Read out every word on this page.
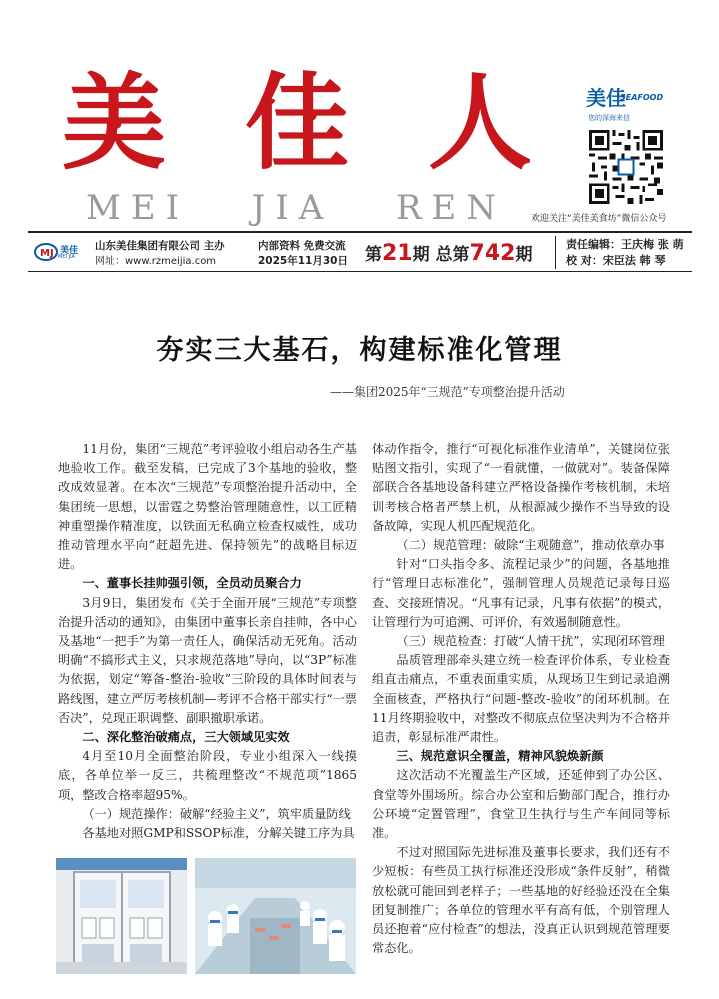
美 佳 人
MEI JIA REN
美佳
SEAFOOD
您的深海来信
欢迎关注“美佳美食坊”微信公众号
MJ 美佳
MEI JIA
山东美佳集团有限公司 主办
网址：www.rzmeijia.com
内部资料 免费交流
2025年11月30日 第21期 总第742期
责任编辑：王庆梅 张 萌
校 对：宋臣法 韩 琴
夯实三大基石，构建标准化管理
——集团2025年“三规范”专项整治提升活动

11月份，集团“三规范”考评验收小组启动各生产基地验收工作。截至发稿，已完成了3个基地的验收，整改成效显著。在本次“三规范”专项整治提升活动中，全集团统一思想，以雷霆之势整治管理随意性，以工匠精神重塑操作精准度，以铁面无私确立检查权威性，成功推动管理水平向“赶超先进、保持领先”的战略目标迈进。

一、董事长挂帅强引领，全员动员聚合力

3月9日，集团发布《关于全面开展“三规范”专项整治提升活动的通知》，由集团中董事长亲自挂帅，各中心及基地“一把手”为第一责任人，确保活动无死角。活动明确“不搞形式主义，只求规范落地”导向，以“3P”标准为依据，划定“筹备-整治-验收”三阶段的具体时间表与路线图，建立严厉考核机制—考评不合格干部实行“一票否决”，兑现正职调整、副职撤职承诺。

二、深化整治破痛点，三大领域见实效

4月至10月全面整治阶段，专业小组深入一线摸底，各单位举一反三，共梳理整改“不规范项”1865项，整改合格率超95%。

（一）规范操作：破解“经验主义”，筑牢质量防线

各基地对照GMP和SSOP标准，分解关键工序为具

体动作指令，推行“可视化标准作业清单”，关键岗位张贴图文指引，实现了“一看就懂，一做就对”。装备保障部联合各基地设备科建立严格设备操作考核机制，未培训考核合格者严禁上机，从根源减少操作不当导致的设备故障，实现人机匹配规范化。

（二）规范管理：破除“主观随意”，推动依章办事

针对“口头指令多、流程记录少”的问题，各基地推行“管理日志标准化”，强制管理人员规范记录每日巡查、交接班情况。“凡事有记录，凡事有依据”的模式，让管理行为可追溯、可评价，有效遏制随意性。

（三）规范检查：打破“人情干扰”，实现闭环管理

品质管理部牵头建立统一检查评价体系，专业检查组直击痛点，不重表面重实质，从现场卫生到记录追溯全面核查，严格执行“问题-整改-验收”的闭环机制。在11月终期验收中，对整改不彻底点位坚决判为不合格并追责，彰显标准严肃性。

三、规范意识全覆盖，精神风貌焕新颜

这次活动不光覆盖生产区域，还延伸到了办公区、食堂等外围场所。综合办公室和后勤部门配合，推行办公环境“定置管理”，食堂卫生执行与生产车间同等标准。

不过对照国际先进标准及董事长要求，我们还有不少短板：有些员工执行标准还没形成“条件反射”，稍微放松就可能回到老样子；一些基地的好经验还没在全集团复制推广；各单位的管理水平有高有低，个别管理人员还抱着“应付检查”的想法，没真正认识到规范管理要常态化。
